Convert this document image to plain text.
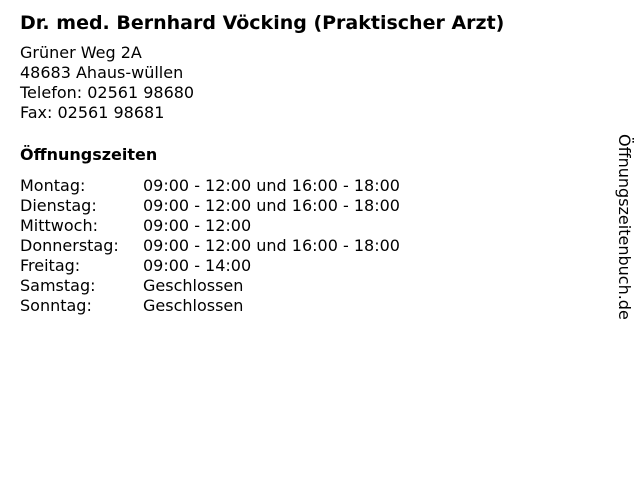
Dr. med. Bernhard Vöcking (Praktischer Arzt)
Grüner Weg 2A
48683 Ahaus-wüllen
Telefon: 02561 98680
Fax: 02561 98681
Öffnungszeiten
Montag:	09:00 - 12:00 und 16:00 - 18:00
Dienstag:	09:00 - 12:00 und 16:00 - 18:00
Mittwoch:	09:00 - 12:00
Donnerstag:	09:00 - 12:00 und 16:00 - 18:00
Freitag:	09:00 - 14:00
Samstag:	Geschlossen
Sonntag:	Geschlossen	Öffnungszeitenbuch.de
